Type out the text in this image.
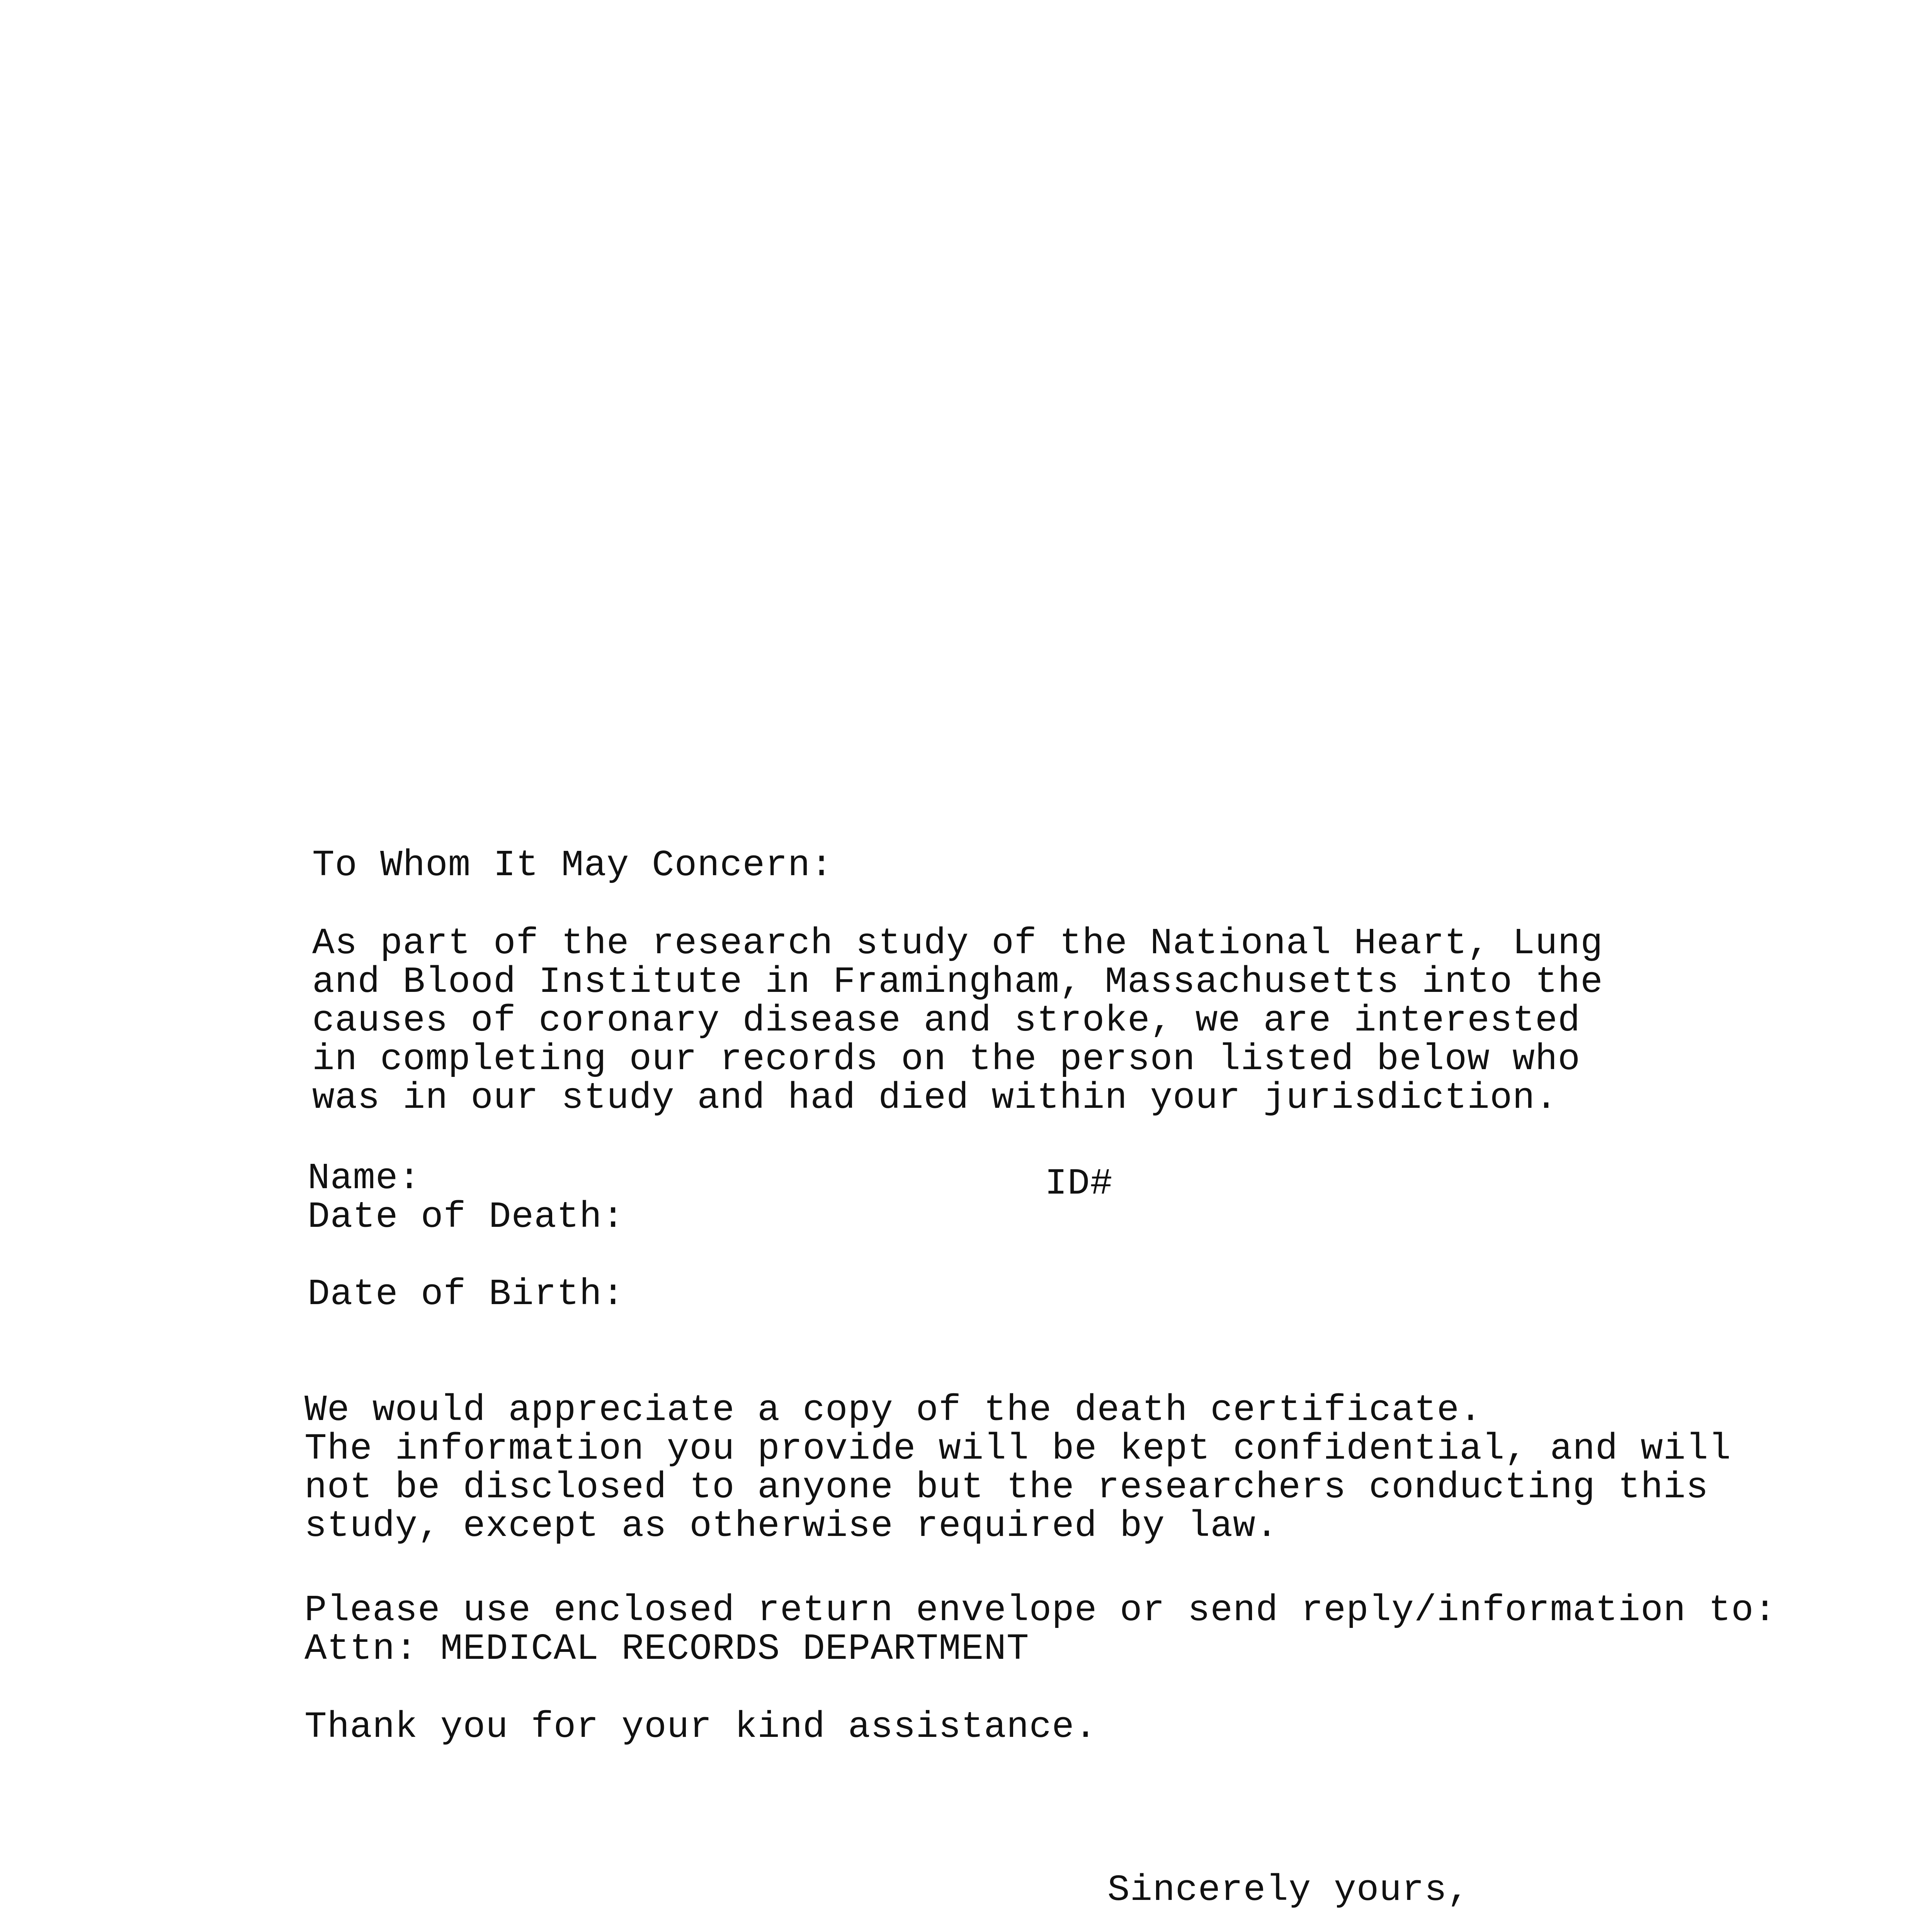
To Whom It May Concern:
As part of the research study of the National Heart, Lung
and Blood Institute in Framingham, Massachusetts into the
causes of coronary disease and stroke, we are interested
in completing our records on the person listed below who
was in our study and had died within your jurisdiction.
Name:	ID#
Date of Death:
Date of Birth:
We would appreciate a copy of the death certificate.
The information you provide will be kept confidential, and will
not be disclosed to anyone but the researchers conducting this
study, except as otherwise required by law.
Please use enclosed return envelope or send reply/information to:
Attn: MEDICAL RECORDS DEPARTMENT
Thank you for your kind assistance.
Sincerely yours,
